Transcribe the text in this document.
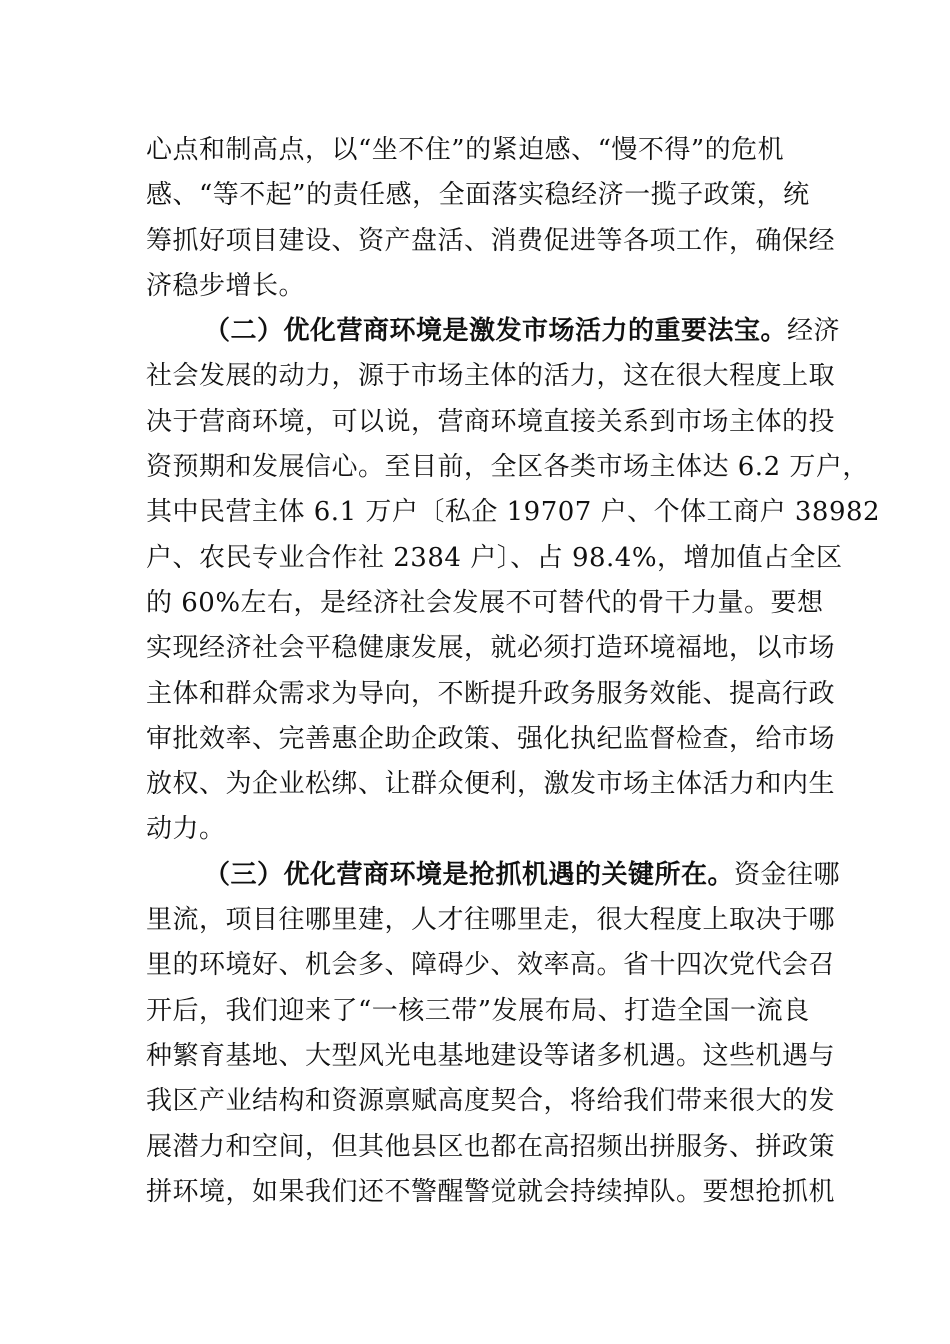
心点和制高点，以“坐不住”的紧迫感、“慢不得”的危机
感、“等不起”的责任感，全面落实稳经济一揽子政策，统
筹抓好项目建设、资产盘活、消费促进等各项工作，确保经
济稳步增长。
（二）优化营商环境是激发市场活力的重要法宝。经济
社会发展的动力，源于市场主体的活力，这在很大程度上取
决于营商环境，可以说，营商环境直接关系到市场主体的投
资预期和发展信心。至目前，全区各类市场主体达 6.2 万户，
其中民营主体 6.1 万户〔私企 19707 户、个体工商户 38982
户、农民专业合作社 2384 户〕、占 98.4%，增加值占全区
的 60%左右，是经济社会发展不可替代的骨干力量。要想
实现经济社会平稳健康发展，就必须打造环境福地，以市场
主体和群众需求为导向，不断提升政务服务效能、提高行政
审批效率、完善惠企助企政策、强化执纪监督检查，给市场
放权、为企业松绑、让群众便利，激发市场主体活力和内生
动力。
（三）优化营商环境是抢抓机遇的关键所在。资金往哪
里流，项目往哪里建，人才往哪里走，很大程度上取决于哪
里的环境好、机会多、障碍少、效率高。省十四次党代会召
开后，我们迎来了“一核三带”发展布局、打造全国一流良
种繁育基地、大型风光电基地建设等诸多机遇。这些机遇与
我区产业结构和资源禀赋高度契合，将给我们带来很大的发
展潜力和空间，但其他县区也都在高招频出拼服务、拼政策
拼环境，如果我们还不警醒警觉就会持续掉队。要想抢抓机
